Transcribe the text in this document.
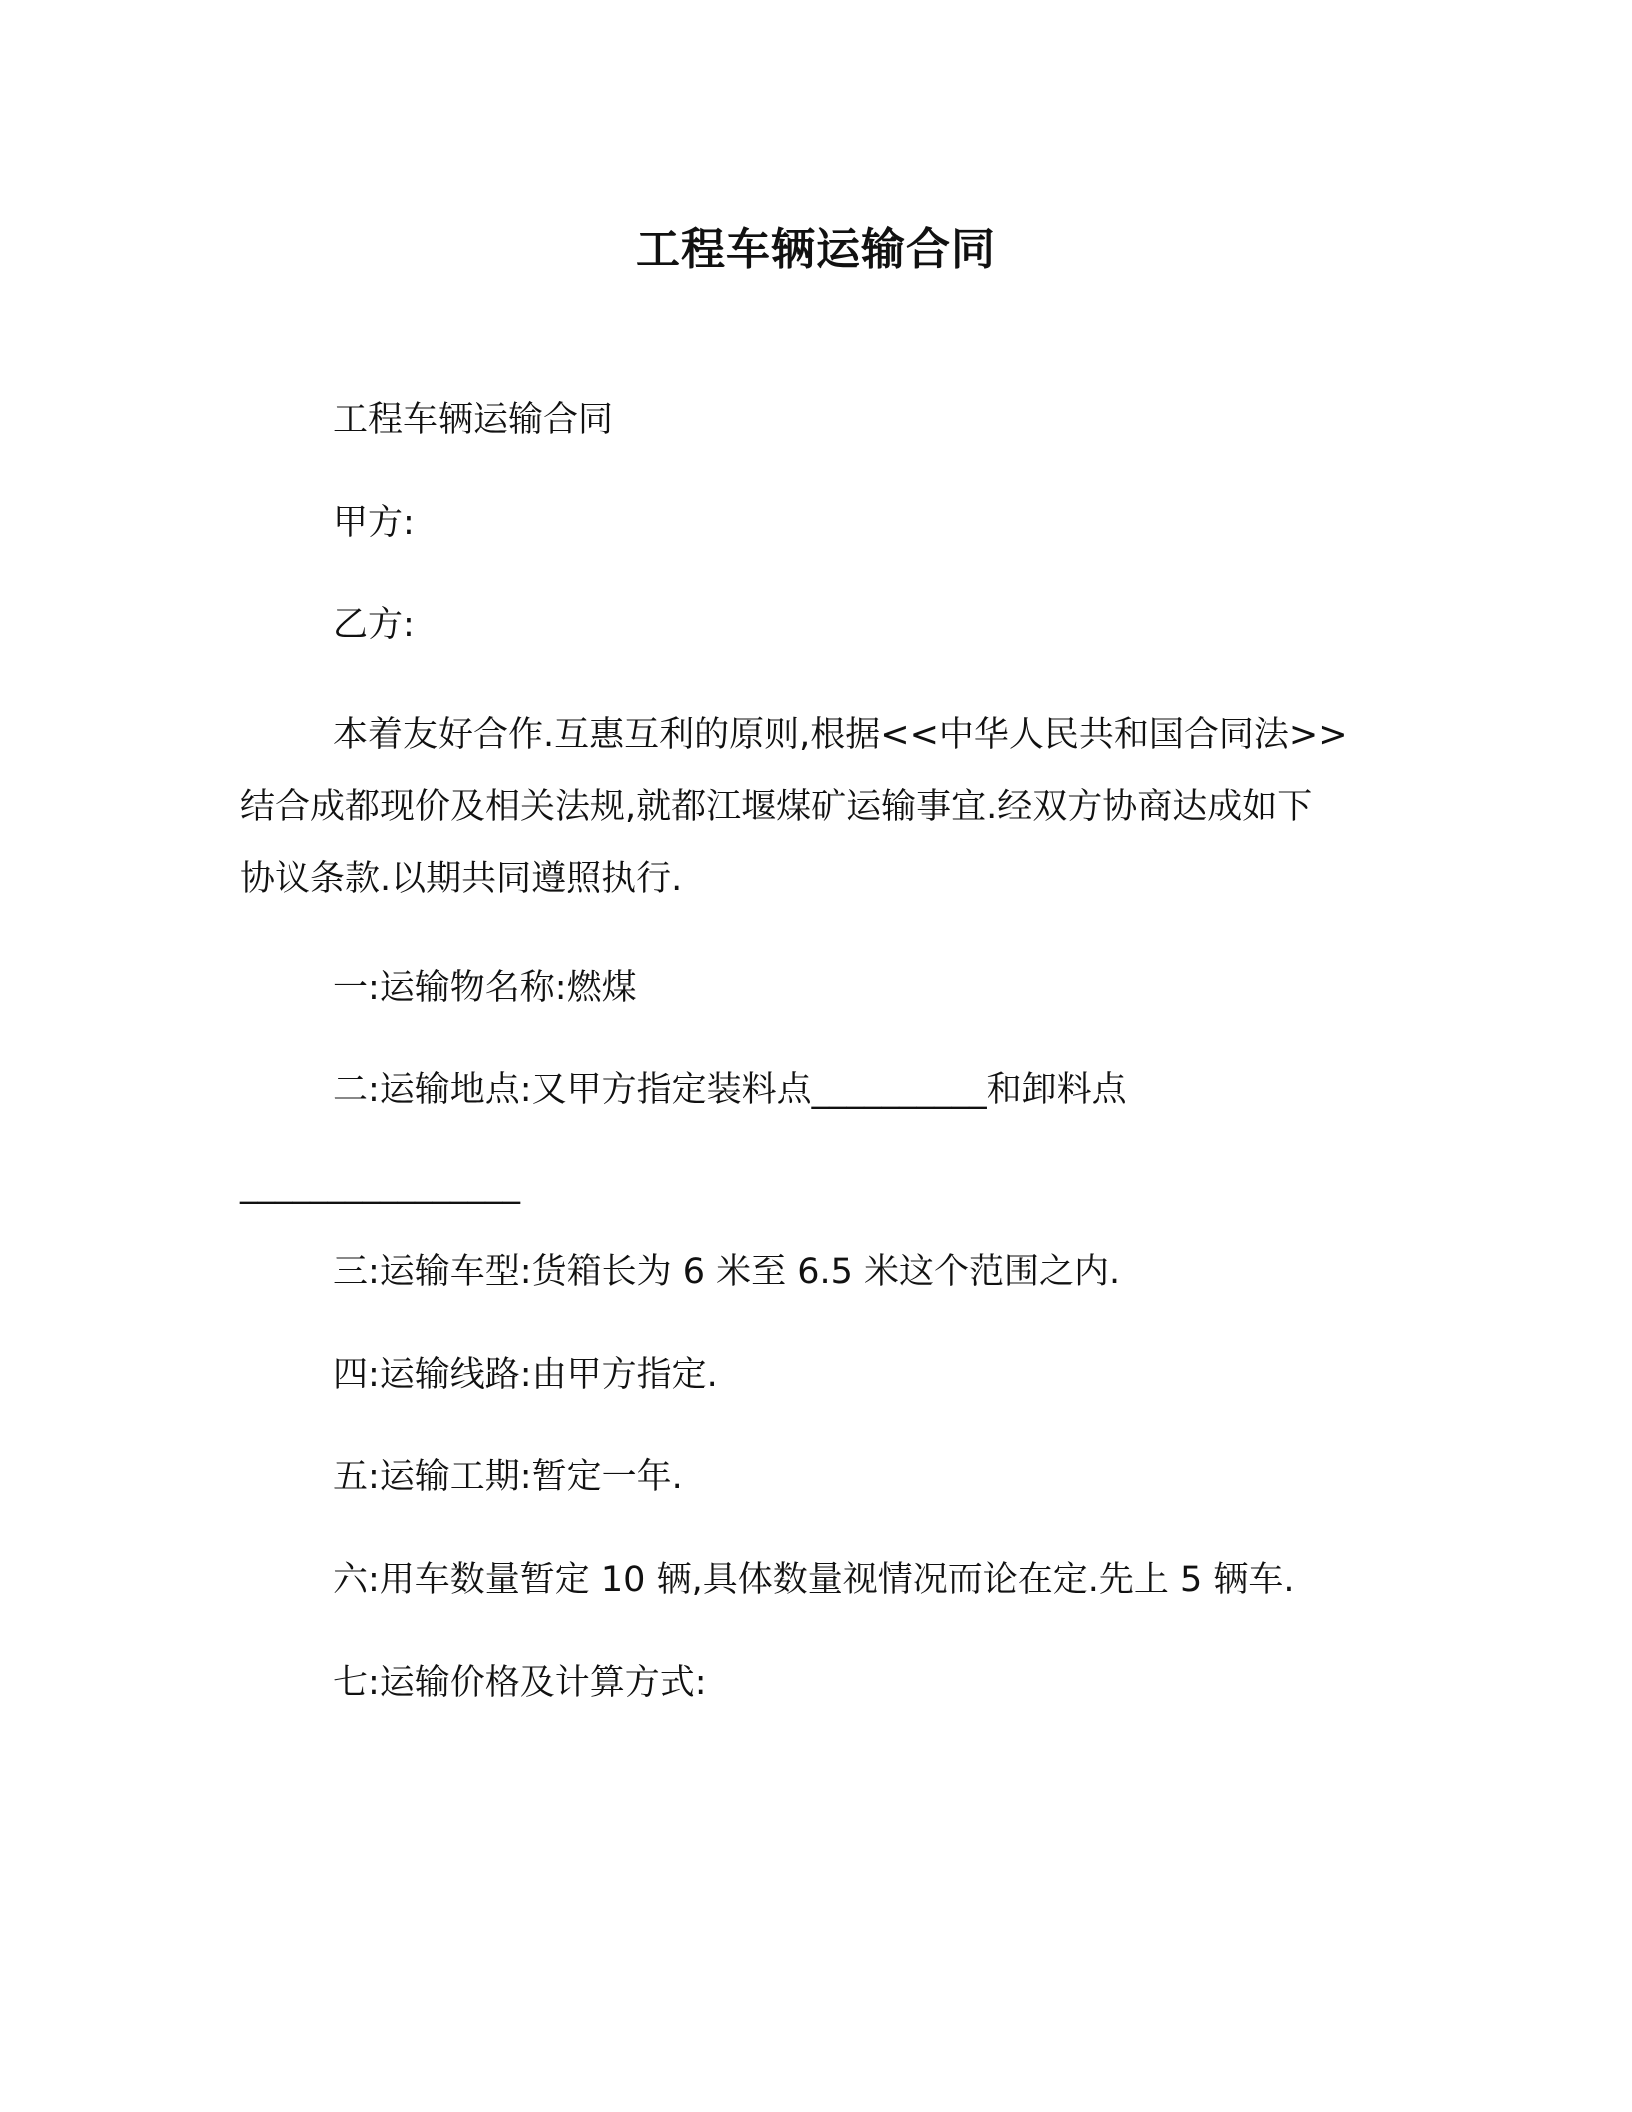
工程车辆运输合同
工程车辆运输合同
甲方:
乙方:
本着友好合作.互惠互利的原则,根据<<中华人民共和国合同法>>
结合成都现价及相关法规,就都江堰煤矿运输事宜.经双方协商达成如下
协议条款.以期共同遵照执行.
一:运输物名称:燃煤
二:运输地点:又甲方指定装料点__________和卸料点
________________
三:运输车型:货箱长为 6 米至 6.5 米这个范围之内.
四:运输线路:由甲方指定.
五:运输工期:暂定一年.
六:用车数量暂定 10 辆,具体数量视情况而论在定.先上 5 辆车.
七:运输价格及计算方式:
